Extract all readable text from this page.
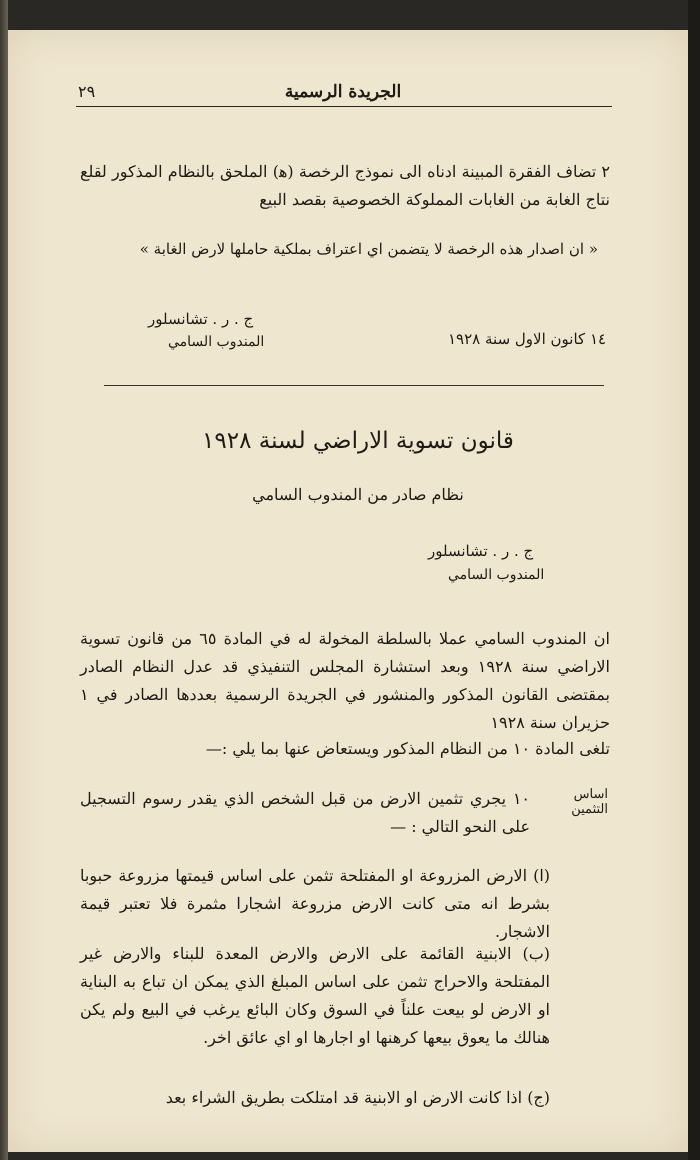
٢٩	الجريدة الرسمية
٢ تضاف الفقرة المبينة ادناه الى نموذج الرخصة (ﻫ) الملحق بالنظام المذكور لقلع نتاج الغابة من الغابات المملوكة الخصوصية بقصد البيع
« ان اصدار هذه الرخصة لا يتضمن اي اعتراف بملكية حاملها لارض الغابة »
ج . ر . تشانسلور
المندوب السامي	١٤ كانون الاول سنة ١٩٢٨
قانون تسوية الاراضي لسنة ١٩٢٨
نظام صادر من المندوب السامي
ج . ر . تشانسلور
المندوب السامي
ان المندوب السامي عملا بالسلطة المخولة له في المادة ٦٥ من قانون تسوية الاراضي سنة ١٩٢٨ وبعد استشارة المجلس التنفيذي قد عدل النظام الصادر بمقتضى القانون المذكور والمنشور في الجريدة الرسمية بعددها الصادر في ١ حزيران سنة ١٩٢٨
تلغى المادة ١٠ من النظام المذكور ويستعاض عنها بما يلي :—
اساس التثمين
١٠ يجري تثمين الارض من قبل الشخص الذي يقدر رسوم التسجيل على النحو التالي : —
(ا) الارض المزروعة او المفتلحة تثمن على اساس قيمتها مزروعة حبوبا بشرط انه متى كانت الارض مزروعة اشجارا مثمرة فلا تعتبر قيمة الاشجار.
(ب) الابنية القائمة على الارض والارض المعدة للبناء والارض غير المفتلحة والاحراج تثمن على اساس المبلغ الذي يمكن ان تباع به البناية او الارض لو بيعت علناً في السوق وكان البائع يرغب في البيع ولم يكن هنالك ما يعوق بيعها كرهنها او اجارها او اي عائق اخر.
(ج) اذا كانت الارض او الابنية قد امتلكت بطريق الشراء بعد
